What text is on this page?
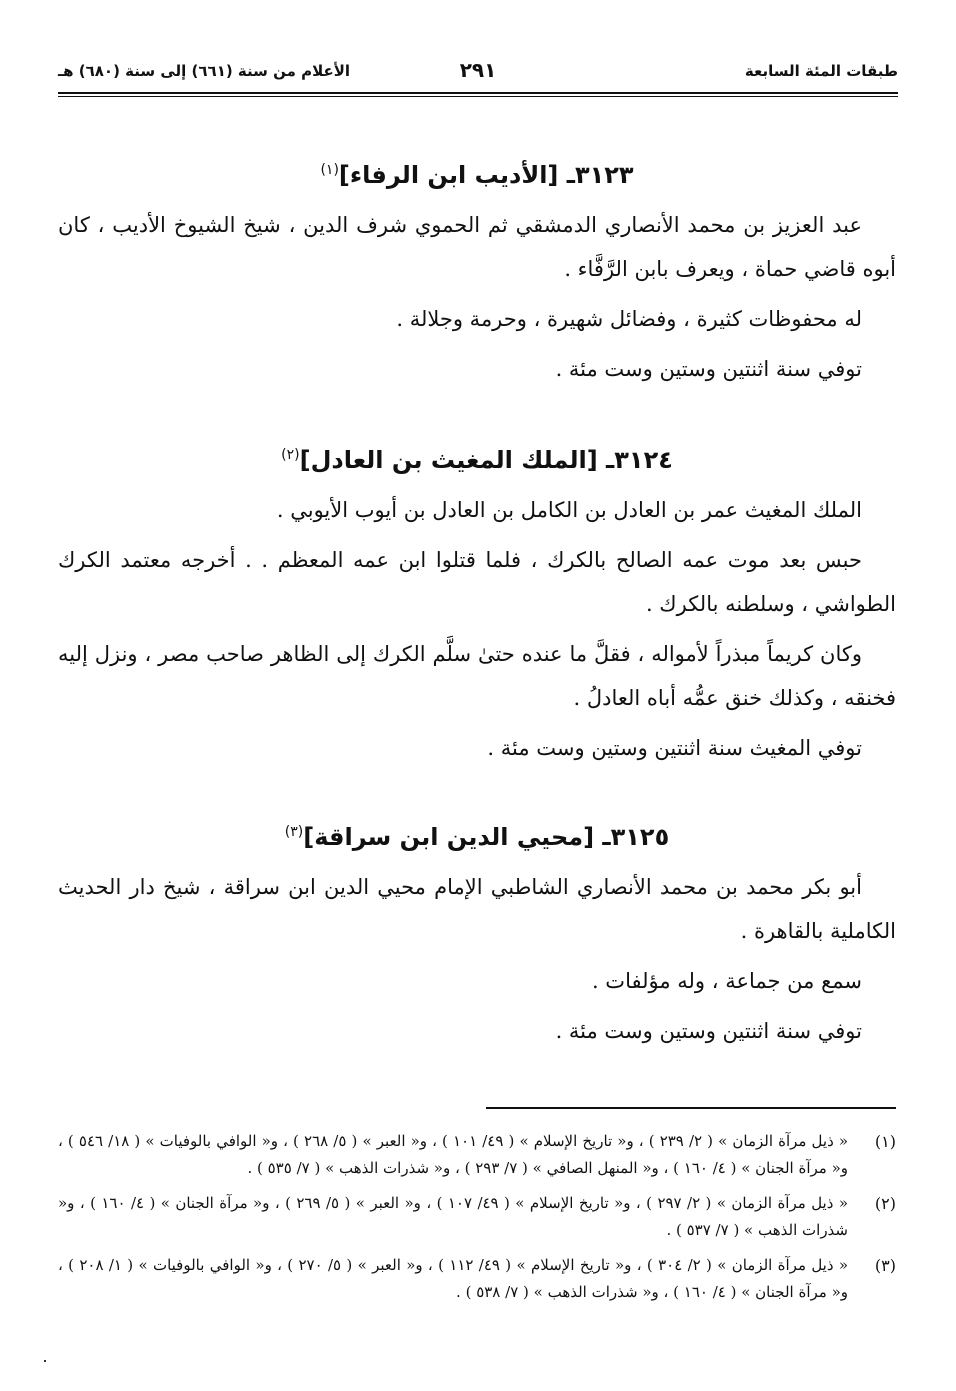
طبقات المئة السابعة
٢٩١
الأعلام من سنة (٦٦١) إلى سنة (٦٨٠) هـ
٣١٢٣ـ [الأديب ابن الرفاء]$^{(١)}$

عبد العزيز بن محمد الأنصاري الدمشقي ثم الحموي شرف الدين ، شيخ الشيوخ الأديب ، كان أبوه قاضي حماة ، ويعرف بابن الرَّفَّاء .

له محفوظات كثيرة ، وفضائل شهيرة ، وحرمة وجلالة .

توفي سنة اثنتين وستين وست مئة .

٣١٢٤ـ [الملك المغيث بن العادل]$^{(٢)}$

الملك المغيث عمر بن العادل بن الكامل بن العادل بن أيوب الأيوبي .

حبس بعد موت عمه الصالح بالكرك ، فلما قتلوا ابن عمه المعظم . . أخرجه معتمد الكرك الطواشي ، وسلطنه بالكرك .

وكان كريماً مبذراً لأمواله ، فقلَّ ما عنده حتىٰ سلَّم الكرك إلى الظاهر صاحب مصر ، ونزل إليه فخنقه ، وكذلك خنق عمُّه أباه العادلُ .

توفي المغيث سنة اثنتين وستين وست مئة .

٣١٢٥ـ [محيي الدين ابن سراقة]$^{(٣)}$

أبو بكر محمد بن محمد الأنصاري الشاطبي الإمام محيي الدين ابن سراقة ، شيخ دار الحديث الكاملية بالقاهرة .

سمع من جماعة ، وله مؤلفات .

توفي سنة اثنتين وستين وست مئة .

(١)
« ذيل مرآة الزمان » ( ٢/ ٢٣٩ ) ، و« تاريخ الإسلام » ( ٤٩/ ١٠١ ) ، و« العبر » ( ٥/ ٢٦٨ ) ، و« الوافي بالوفيات » ( ١٨/ ٥٤٦ ) ، و« مرآة الجنان » ( ٤/ ١٦٠ ) ، و« المنهل الصافي » ( ٧/ ٢٩٣ ) ، و« شذرات الذهب » ( ٧/ ٥٣٥ ) .
(٢)
« ذيل مرآة الزمان » ( ٢/ ٢٩٧ ) ، و« تاريخ الإسلام » ( ٤٩/ ١٠٧ ) ، و« العبر » ( ٥/ ٢٦٩ ) ، و« مرآة الجنان » ( ٤/ ١٦٠ ) ، و« شذرات الذهب » ( ٧/ ٥٣٧ ) .
(٣)
« ذيل مرآة الزمان » ( ٢/ ٣٠٤ ) ، و« تاريخ الإسلام » ( ٤٩/ ١١٢ ) ، و« العبر » ( ٥/ ٢٧٠ ) ، و« الوافي بالوفيات » ( ١/ ٢٠٨ ) ، و« مرآة الجنان » ( ٤/ ١٦٠ ) ، و« شذرات الذهب » ( ٧/ ٥٣٨ ) .
